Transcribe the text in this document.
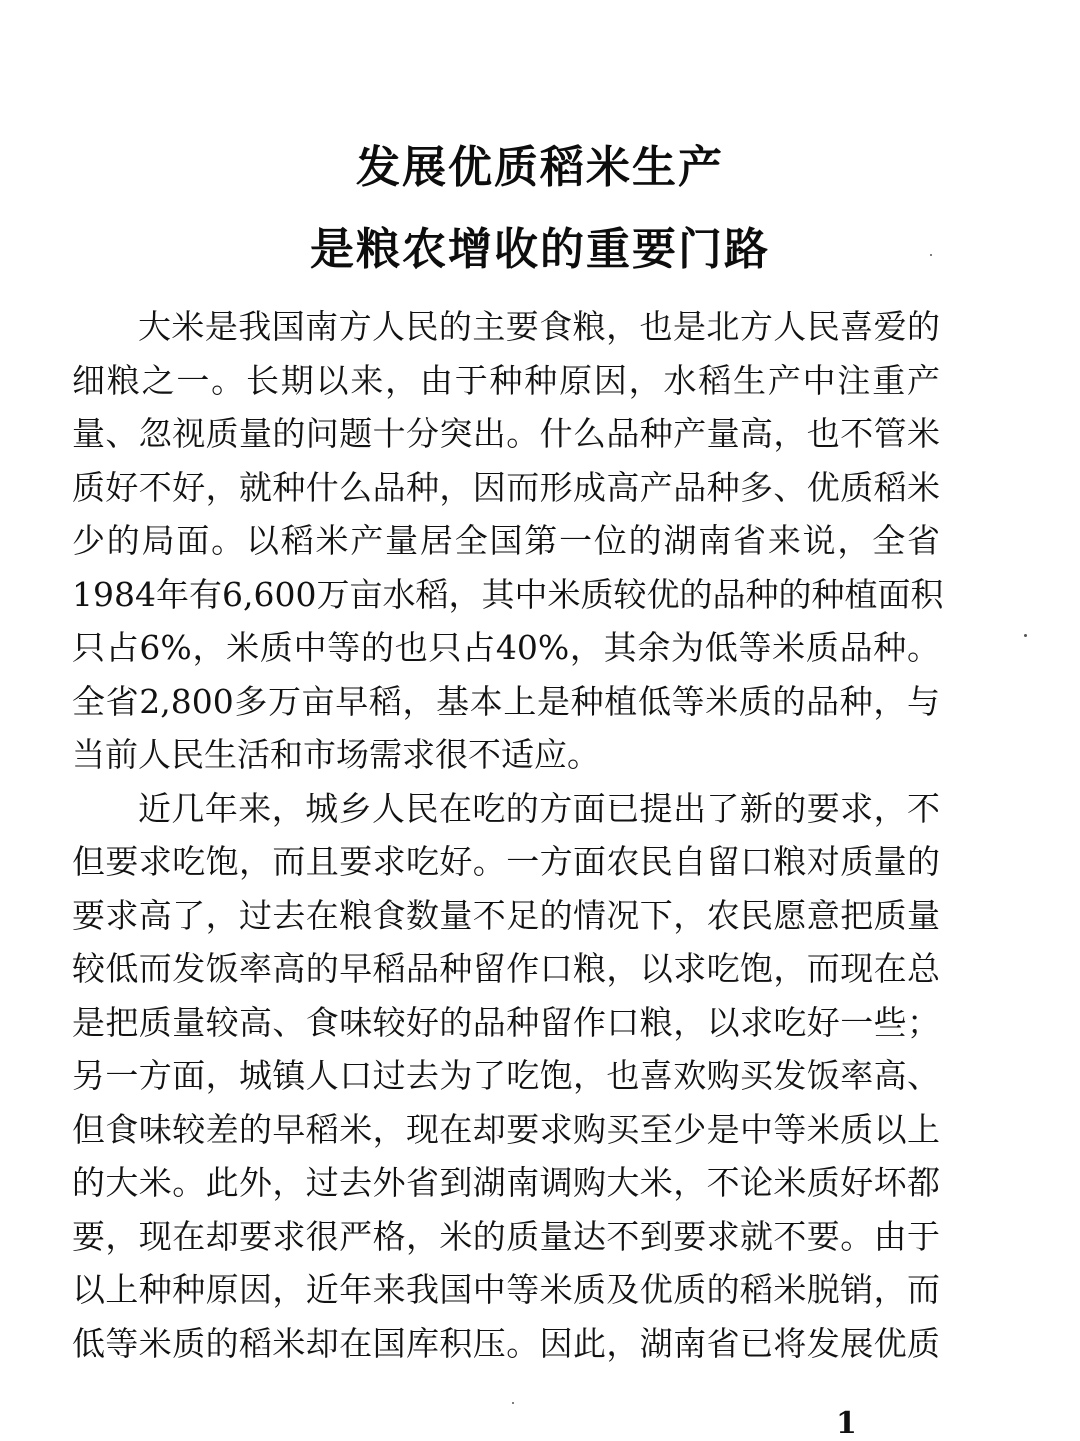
发展优质稻米生产
是粮农增收的重要门路
大米是我国南方人民的主要食粮，也是北方人民喜爱的
细粮之一。长期以来，由于种种原因，水稻生产中注重产
量、忽视质量的问题十分突出。什么品种产量高，也不管米
质好不好，就种什么品种，因而形成高产品种多、优质稻米
少的局面。以稻米产量居全国第一位的湖南省来说，全省
1984年有6,600万亩水稻，其中米质较优的品种的种植面积
只占6%，米质中等的也只占40%，其余为低等米质品种。
全省2,800多万亩早稻，基本上是种植低等米质的品种，与
当前人民生活和市场需求很不适应。
近几年来，城乡人民在吃的方面已提出了新的要求，不
但要求吃饱，而且要求吃好。一方面农民自留口粮对质量的
要求高了，过去在粮食数量不足的情况下，农民愿意把质量
较低而发饭率高的早稻品种留作口粮，以求吃饱，而现在总
是把质量较高、食味较好的品种留作口粮，以求吃好一些；
另一方面，城镇人口过去为了吃饱，也喜欢购买发饭率高、
但食味较差的早稻米，现在却要求购买至少是中等米质以上
的大米。此外，过去外省到湖南调购大米，不论米质好坏都
要，现在却要求很严格，米的质量达不到要求就不要。由于
以上种种原因，近年来我国中等米质及优质的稻米脱销，而
低等米质的稻米却在国库积压。因此，湖南省已将发展优质
1
